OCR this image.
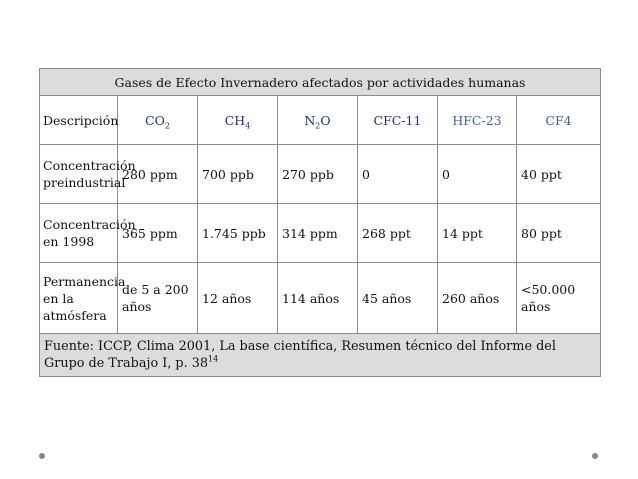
Gases de Efecto Invernadero afectados por actividades humanas						
Descripción	$CO_2$	$CH_4$	$N_2O$	CFC-11	HFC-23	CF4
Concentración preindustrial	280 ppm	700 ppb	270 ppb	0	0	40 ppt
Concentración en 1998	365 ppm	1.745 ppb	314 ppm	268 ppt	14 ppt	80 ppt
Permanencia en la atmósfera	de 5 a 200 años	12 años	114 años	45 años	260 años	<50.000 años
Fuente: ICCP, Clima 2001, La base científica, Resumen técnico del Informe del Grupo de Trabajo I, p. $38^{14}$
